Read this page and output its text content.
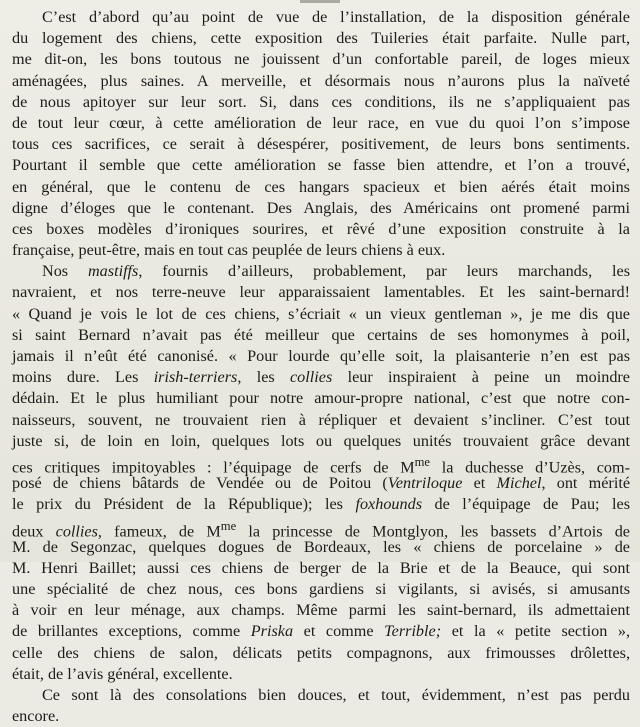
C’est d’abord qu’au point de vue de l’installation, de la disposition générale
du logement des chiens, cette exposition des Tuileries était parfaite. Nulle part,
me dit-on, les bons toutous ne jouissent d’un confortable pareil, de loges mieux
aménagées, plus saines. A merveille, et désormais nous n’aurons plus la naïveté
de nous apitoyer sur leur sort. Si, dans ces conditions, ils ne s’appliquaient pas
de tout leur cœur, à cette amélioration de leur race, en vue du quoi l’on s’impose
tous ces sacrifices, ce serait à désespérer, positivement, de leurs bons sentiments.
Pourtant il semble que cette amélioration se fasse bien attendre, et l’on a trouvé,
en général, que le contenu de ces hangars spacieux et bien aérés était moins
digne d’éloges que le contenant. Des Anglais, des Américains ont promené parmi
ces boxes modèles d’ironiques sourires, et rêvé d’une exposition construite à la
française, peut-être, mais en tout cas peuplée de leurs chiens à eux.
Nos mastiffs, fournis d’ailleurs, probablement, par leurs marchands, les
navraient, et nos terre-neuve leur apparaissaient lamentables. Et les saint-bernard!
« Quand je vois le lot de ces chiens, s’écriait « un vieux gentleman », je me dis que
si saint Bernard n’avait pas été meilleur que certains de ses homonymes à poil,
jamais il n’eût été canonisé. « Pour lourde qu’elle soit, la plaisanterie n’en est pas
moins dure. Les irish-terriers, les collies leur inspiraient à peine un moindre
dédain. Et le plus humiliant pour notre amour-propre national, c’est que notre con-
naisseurs, souvent, ne trouvaient rien à répliquer et devaient s’incliner. C’est tout
juste si, de loin en loin, quelques lots ou quelques unités trouvaient grâce devant
ces critiques impitoyables : l’équipage de cerfs de $M^{me}$ la duchesse d’Uzès, com-
posé de chiens bâtards de Vendée ou de Poitou (Ventriloque et Michel, ont mérité
le prix du Président de la République); les foxhounds de l’équipage de Pau; les
deux collies, fameux, de $M^{me}$ la princesse de Montglyon, les bassets d’Artois de
M. de Segonzac, quelques dogues de Bordeaux, les « chiens de porcelaine » de
M. Henri Baillet; aussi ces chiens de berger de la Brie et de la Beauce, qui sont
une spécialité de chez nous, ces bons gardiens si vigilants, si avisés, si amusants
à voir en leur ménage, aux champs. Même parmi les saint-bernard, ils admettaient
de brillantes exceptions, comme Priska et comme Terrible; et la « petite section »,
celle des chiens de salon, délicats petits compagnons, aux frimousses drôlettes,
était, de l’avis général, excellente.
Ce sont là des consolations bien douces, et tout, évidemment, n’est pas perdu
encore.
